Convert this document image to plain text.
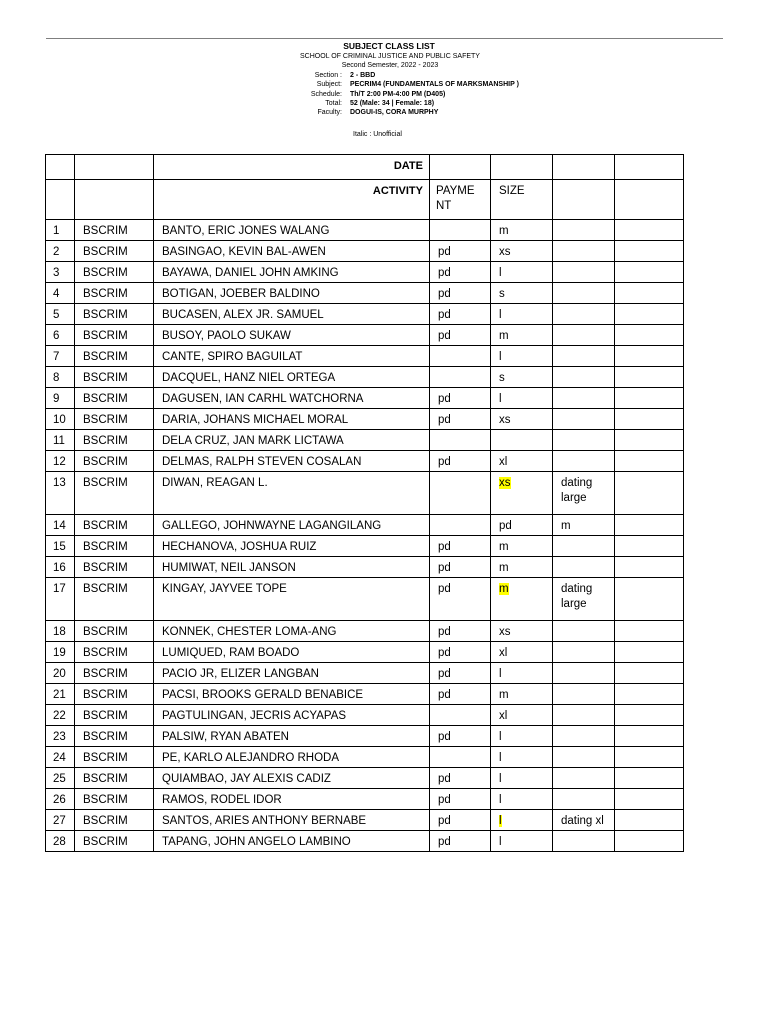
SUBJECT CLASS LIST
SCHOOL OF CRIMINAL JUSTICE AND PUBLIC SAFETY
Second Semester, 2022 - 2023
Section : 2 - BBD
Subject: PECRIM4 (FUNDAMENTALS OF MARKSMANSHIP )
Schedule: Th/T 2:00 PM-4:00 PM (D405)
Total: 52 (Male: 34 | Female: 18)
Faculty: DOGUI-IS, CORA MURPHY
Italic : Unofficial
		DATE				
		ACTIVITY	PAYME NT	SIZE		
1	BSCRIM	BANTO, ERIC JONES WALANG		m		
2	BSCRIM	BASINGAO, KEVIN BAL-AWEN	pd	xs		
3	BSCRIM	BAYAWA, DANIEL JOHN AMKING	pd	l		
4	BSCRIM	BOTIGAN, JOEBER BALDINO	pd	s		
5	BSCRIM	BUCASEN, ALEX JR. SAMUEL	pd	l		
6	BSCRIM	BUSOY, PAOLO SUKAW	pd	m		
7	BSCRIM	CANTE, SPIRO BAGUILAT		l		
8	BSCRIM	DACQUEL, HANZ NIEL ORTEGA		s		
9	BSCRIM	DAGUSEN, IAN CARHL WATCHORNA	pd	l		
10	BSCRIM	DARIA, JOHANS MICHAEL MORAL	pd	xs		
11	BSCRIM	DELA CRUZ, JAN MARK LICTAWA				
12	BSCRIM	DELMAS, RALPH STEVEN COSALAN	pd	xl		
13	BSCRIM	DIWAN, REAGAN L.		xs	dating large	
14	BSCRIM	GALLEGO, JOHNWAYNE LAGANGILANG		pd	m	
15	BSCRIM	HECHANOVA, JOSHUA RUIZ	pd	m		
16	BSCRIM	HUMIWAT, NEIL JANSON	pd	m		
17	BSCRIM	KINGAY, JAYVEE TOPE	pd	m	dating large	
18	BSCRIM	KONNEK, CHESTER LOMA-ANG	pd	xs		
19	BSCRIM	LUMIQUED, RAM BOADO	pd	xl		
20	BSCRIM	PACIO JR, ELIZER LANGBAN	pd	l		
21	BSCRIM	PACSI, BROOKS GERALD BENABICE	pd	m		
22	BSCRIM	PAGTULINGAN, JECRIS ACYAPAS		xl		
23	BSCRIM	PALSIW, RYAN ABATEN	pd	l		
24	BSCRIM	PE, KARLO ALEJANDRO RHODA		l		
25	BSCRIM	QUIAMBAO, JAY ALEXIS CADIZ	pd	l		
26	BSCRIM	RAMOS, RODEL IDOR	pd	l		
27	BSCRIM	SANTOS, ARIES ANTHONY BERNABE	pd	l	dating xl	
28	BSCRIM	TAPANG, JOHN ANGELO LAMBINO	pd	l		
